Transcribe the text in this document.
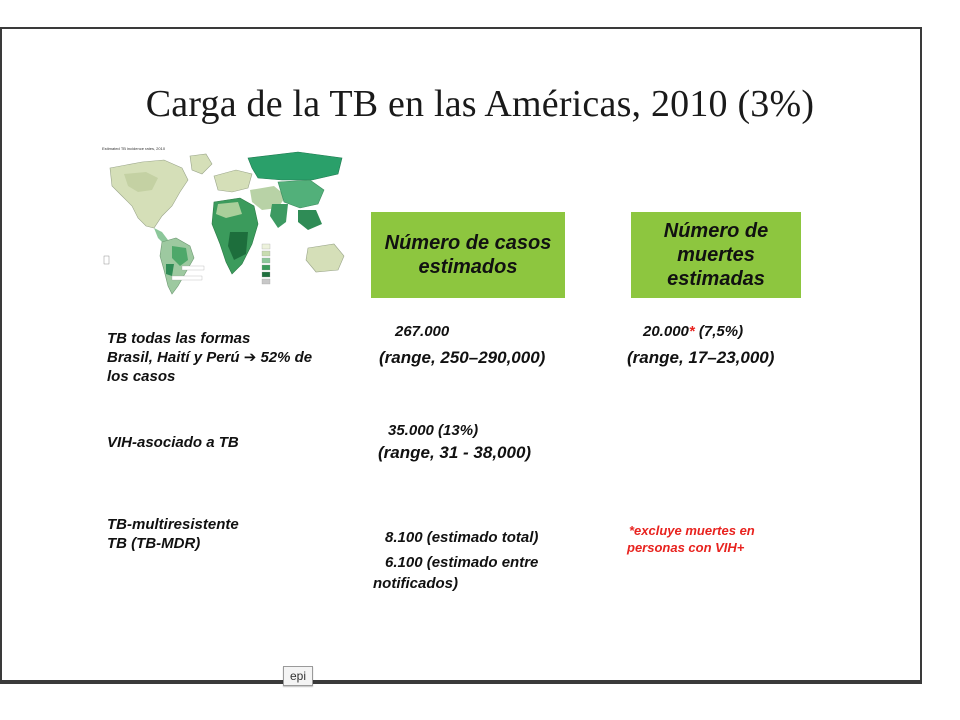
Carga de la TB en las Américas, 2010 (3%)
Estimated TB incidence rates, 2010
Número de casos estimados
Número de muertes estimadas
TB todas las formas
Brasil, Haití y Perú ➔ 52% de
los casos
267.000
(range, 250–290,000)
20.000* (7,5%)
(range, 17–23,000)
VIH-asociado a TB
35.000 (13%)
(range, 31 - 38,000)
TB-multiresistente
TB (TB-MDR)	8.100 (estimado total)
6.100 (estimado entre
notificados)
*excluye muertes en
personas con VIH+
epi
